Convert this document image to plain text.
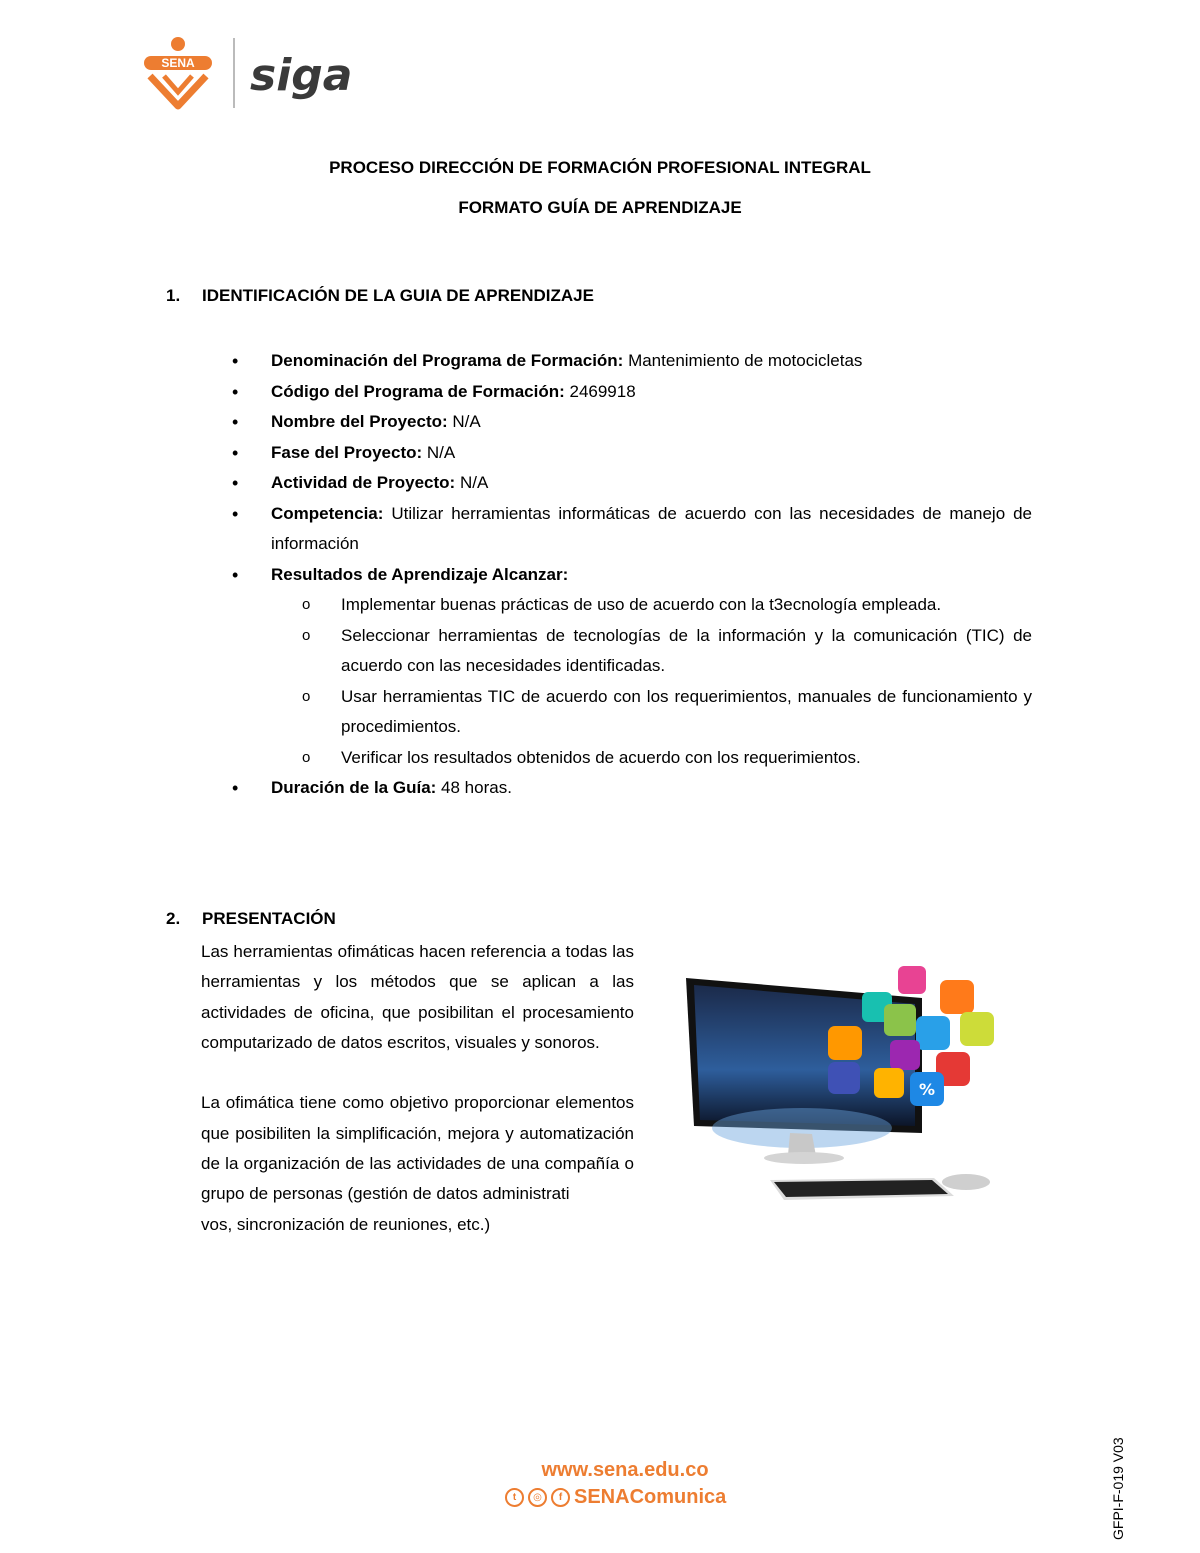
SENA siga
PROCESO DIRECCIÓN DE FORMACIÓN PROFESIONAL INTEGRAL
FORMATO GUÍA DE APRENDIZAJE
1. IDENTIFICACIÓN DE LA GUIA DE APRENDIZAJE
• Denominación del Programa de Formación: Mantenimiento de motocicletas
• Código del Programa de Formación: 2469918
• Nombre del Proyecto: N/A
• Fase del Proyecto: N/A
• Actividad de Proyecto: N/A
• Competencia: Utilizar herramientas informáticas de acuerdo con las necesidades de manejo de información
• Resultados de Aprendizaje Alcanzar:
o Implementar buenas prácticas de uso de acuerdo con la t3ecnología empleada.
o Seleccionar herramientas de tecnologías de la información y la comunicación (TIC) de acuerdo con las necesidades identificadas.
o Usar herramientas TIC de acuerdo con los requerimientos, manuales de funcionamiento y procedimientos.
o Verificar los resultados obtenidos de acuerdo con los requerimientos.
• Duración de la Guía: 48 horas.
2. PRESENTACIÓN

Las herramientas ofimáticas hacen referencia a todas las herramientas y los métodos que se aplican a las actividades de oficina, que posibilitan el procesamiento computarizado de datos escritos, visuales y sonoros.

La ofimática tiene como objetivo proporcionar elementos que posibiliten la simplificación, mejora y automatización de la organización de las actividades de una compañía o grupo de personas (gestión de datos administrati

vos, sincronización de reuniones, etc.)

%
www.sena.edu.co
t	◎	f SENAComunica	GFPI-F-019 V03
